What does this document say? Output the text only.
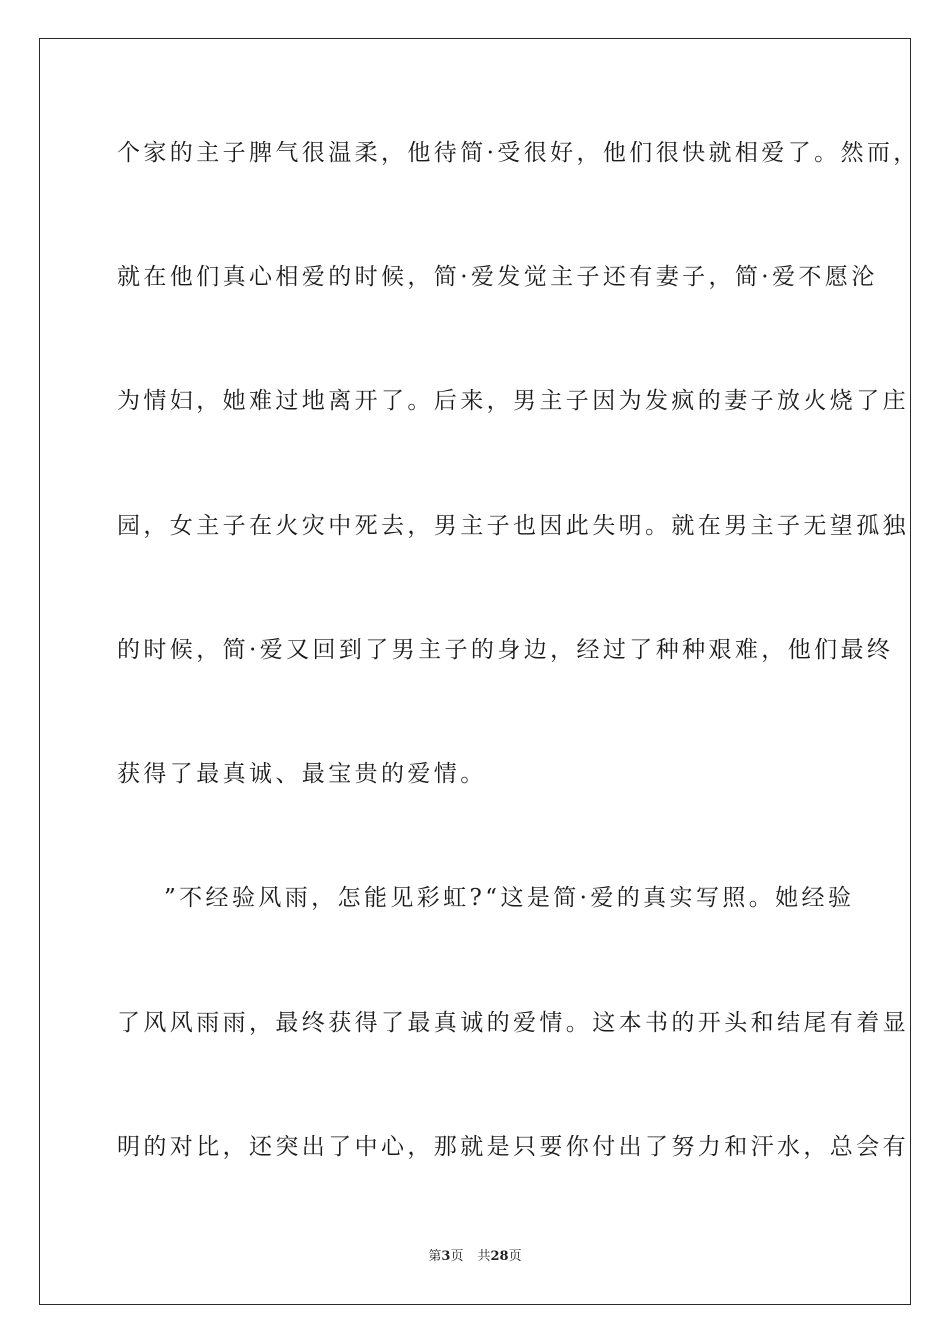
个家的主子脾气很温柔，他待简·受很好，他们很快就相爱了。然而，
就在他们真心相爱的时候，简·爱发觉主子还有妻子，简·爱不愿沦
为情妇，她难过地离开了。后来，男主子因为发疯的妻子放火烧了庄
园，女主子在火灾中死去，男主子也因此失明。就在男主子无望孤独
的时候，简·爱又回到了男主子的身边，经过了种种艰难，他们最终
获得了最真诚、最宝贵的爱情。
”不经验风雨，怎能见彩虹?“这是简·爱的真实写照。她经验
了风风雨雨，最终获得了最真诚的爱情。这本书的开头和结尾有着显
明的对比，还突出了中心，那就是只要你付出了努力和汗水，总会有
第3页 共28页
